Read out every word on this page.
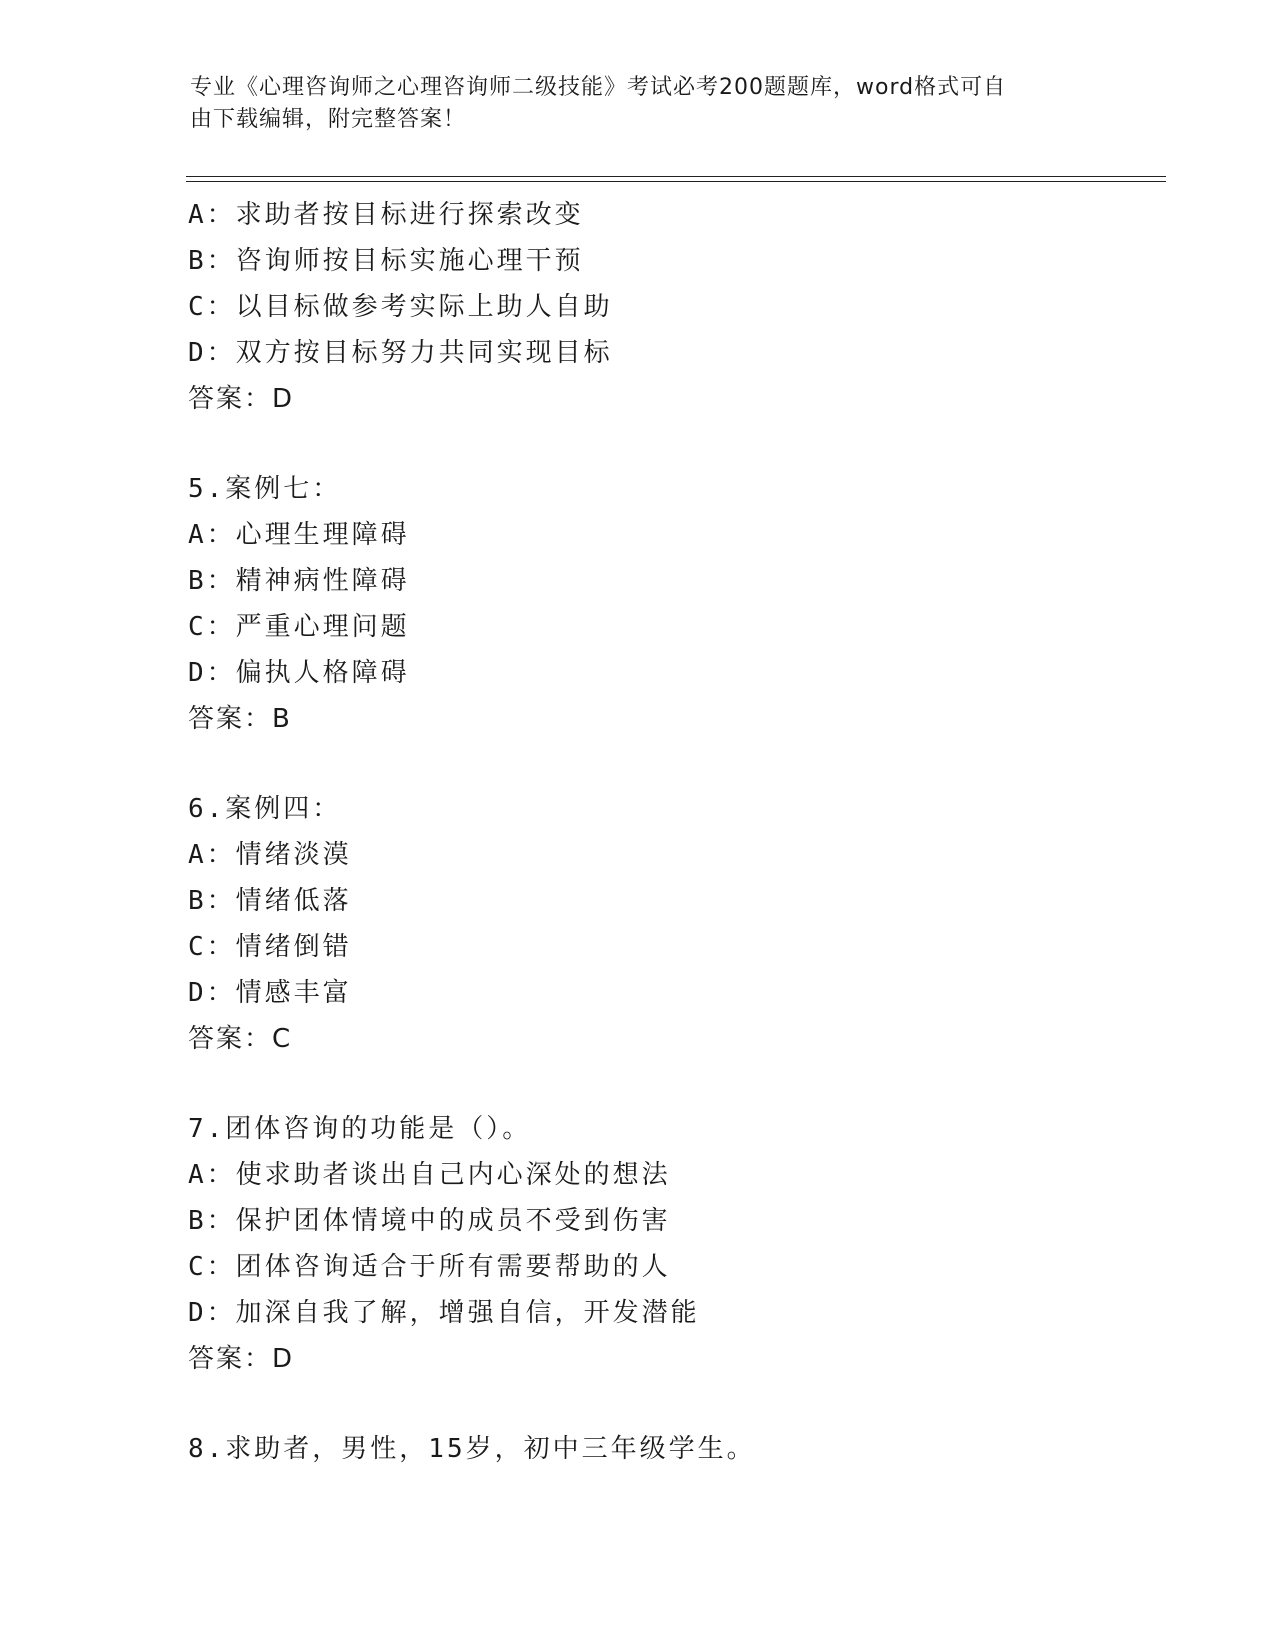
专业《心理咨询师之心理咨询师二级技能》考试必考200题题库，word格式可自
由下载编辑，附完整答案！
A：求助者按目标进行探索改变
B：咨询师按目标实施心理干预
C：以目标做参考实际上助人自助
D：双方按目标努力共同实现目标
答案：D
5.案例七：
A：心理生理障碍
B：精神病性障碍
C：严重心理问题
D：偏执人格障碍
答案：B
6.案例四：
A：情绪淡漠
B：情绪低落
C：情绪倒错
D：情感丰富
答案：C
7.团体咨询的功能是（）。
A：使求助者谈出自己内心深处的想法
B：保护团体情境中的成员不受到伤害
C：团体咨询适合于所有需要帮助的人
D：加深自我了解，增强自信，开发潜能
答案：D
8.求助者，男性，15岁，初中三年级学生。
